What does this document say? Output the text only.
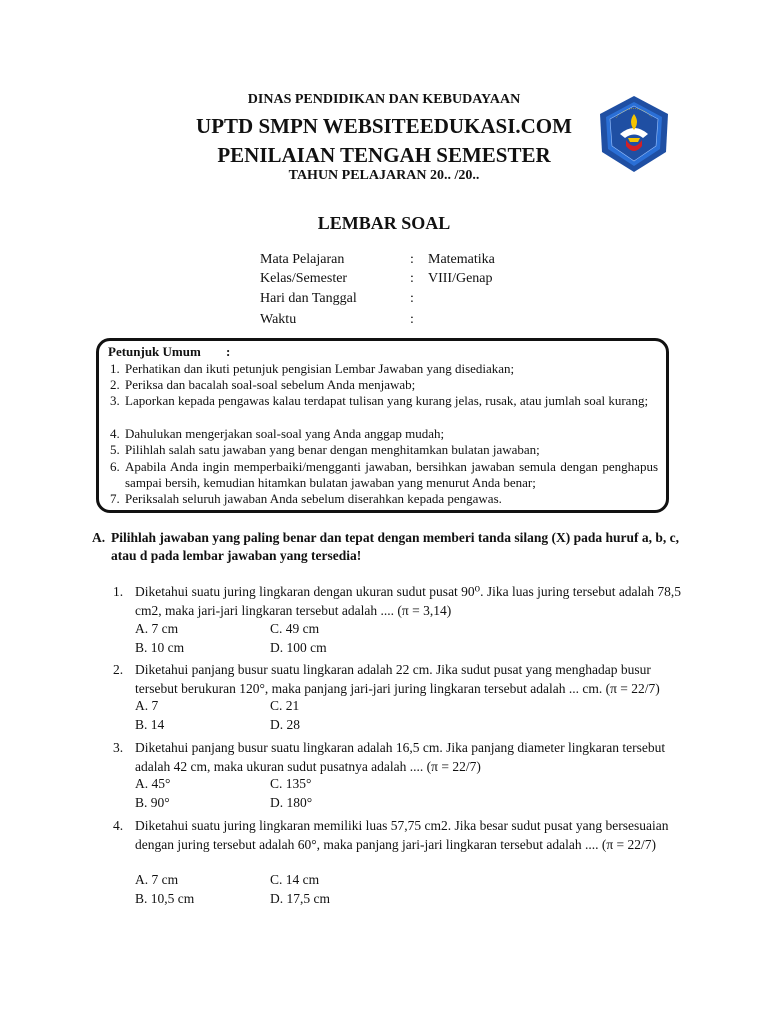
DINAS PENDIDIKAN DAN KEBUDAYAAN
UPTD SMPN WEBSITEEDUKASI.COM
PENILAIAN TENGAH SEMESTER
TAHUN PELAJARAN 20.. /20..
LEMBAR SOAL
Mata Pelajaran	: Matematika
Kelas/Semester	: VIII/Genap
Hari dan Tanggal	:
Waktu	:
Petunjuk Umum :
1. Perhatikan dan ikuti petunjuk pengisian Lembar Jawaban yang disediakan;
2. Periksa dan bacalah soal-soal sebelum Anda menjawab;
3. Laporkan kepada pengawas kalau terdapat tulisan yang kurang jelas, rusak, atau jumlah soal kurang;
4. Dahulukan mengerjakan soal-soal yang Anda anggap mudah;
5. Pilihlah salah satu jawaban yang benar dengan menghitamkan bulatan jawaban;
6. Apabila Anda ingin memperbaiki/mengganti jawaban, bersihkan jawaban semula dengan penghapus sampai bersih, kemudian hitamkan bulatan jawaban yang menurut Anda benar;
7. Periksalah seluruh jawaban Anda sebelum diserahkan kepada pengawas.
A. Pilihlah jawaban yang paling benar dan tepat dengan memberi tanda silang (X) pada huruf a, b, c, atau d pada lembar jawaban yang tersedia!
1. Diketahui suatu juring lingkaran dengan ukuran sudut pusat 90⁰. Jika luas juring tersebut adalah 78,5 cm2, maka jari-jari lingkaran tersebut adalah .... (π = 3,14)
A. 7 cm	C. 49 cm
B. 10 cm	D. 100 cm
2. Diketahui panjang busur suatu lingkaran adalah 22 cm. Jika sudut pusat yang menghadap busur tersebut berukuran 120°, maka panjang jari-jari juring lingkaran tersebut adalah ... cm. (π = 22/7)
A. 7	C. 21
B. 14	D. 28
3. Diketahui panjang busur suatu lingkaran adalah 16,5 cm. Jika panjang diameter lingkaran tersebut adalah 42 cm, maka ukuran sudut pusatnya adalah .... (π = 22/7)
A. 45°	C. 135°
B. 90°	D. 180°
4. Diketahui suatu juring lingkaran memiliki luas 57,75 cm2. Jika besar sudut pusat yang bersesuaian dengan juring tersebut adalah 60°, maka panjang jari-jari lingkaran tersebut adalah .... (π = 22/7)
A. 7 cm	C. 14 cm
B. 10,5 cm	D. 17,5 cm
